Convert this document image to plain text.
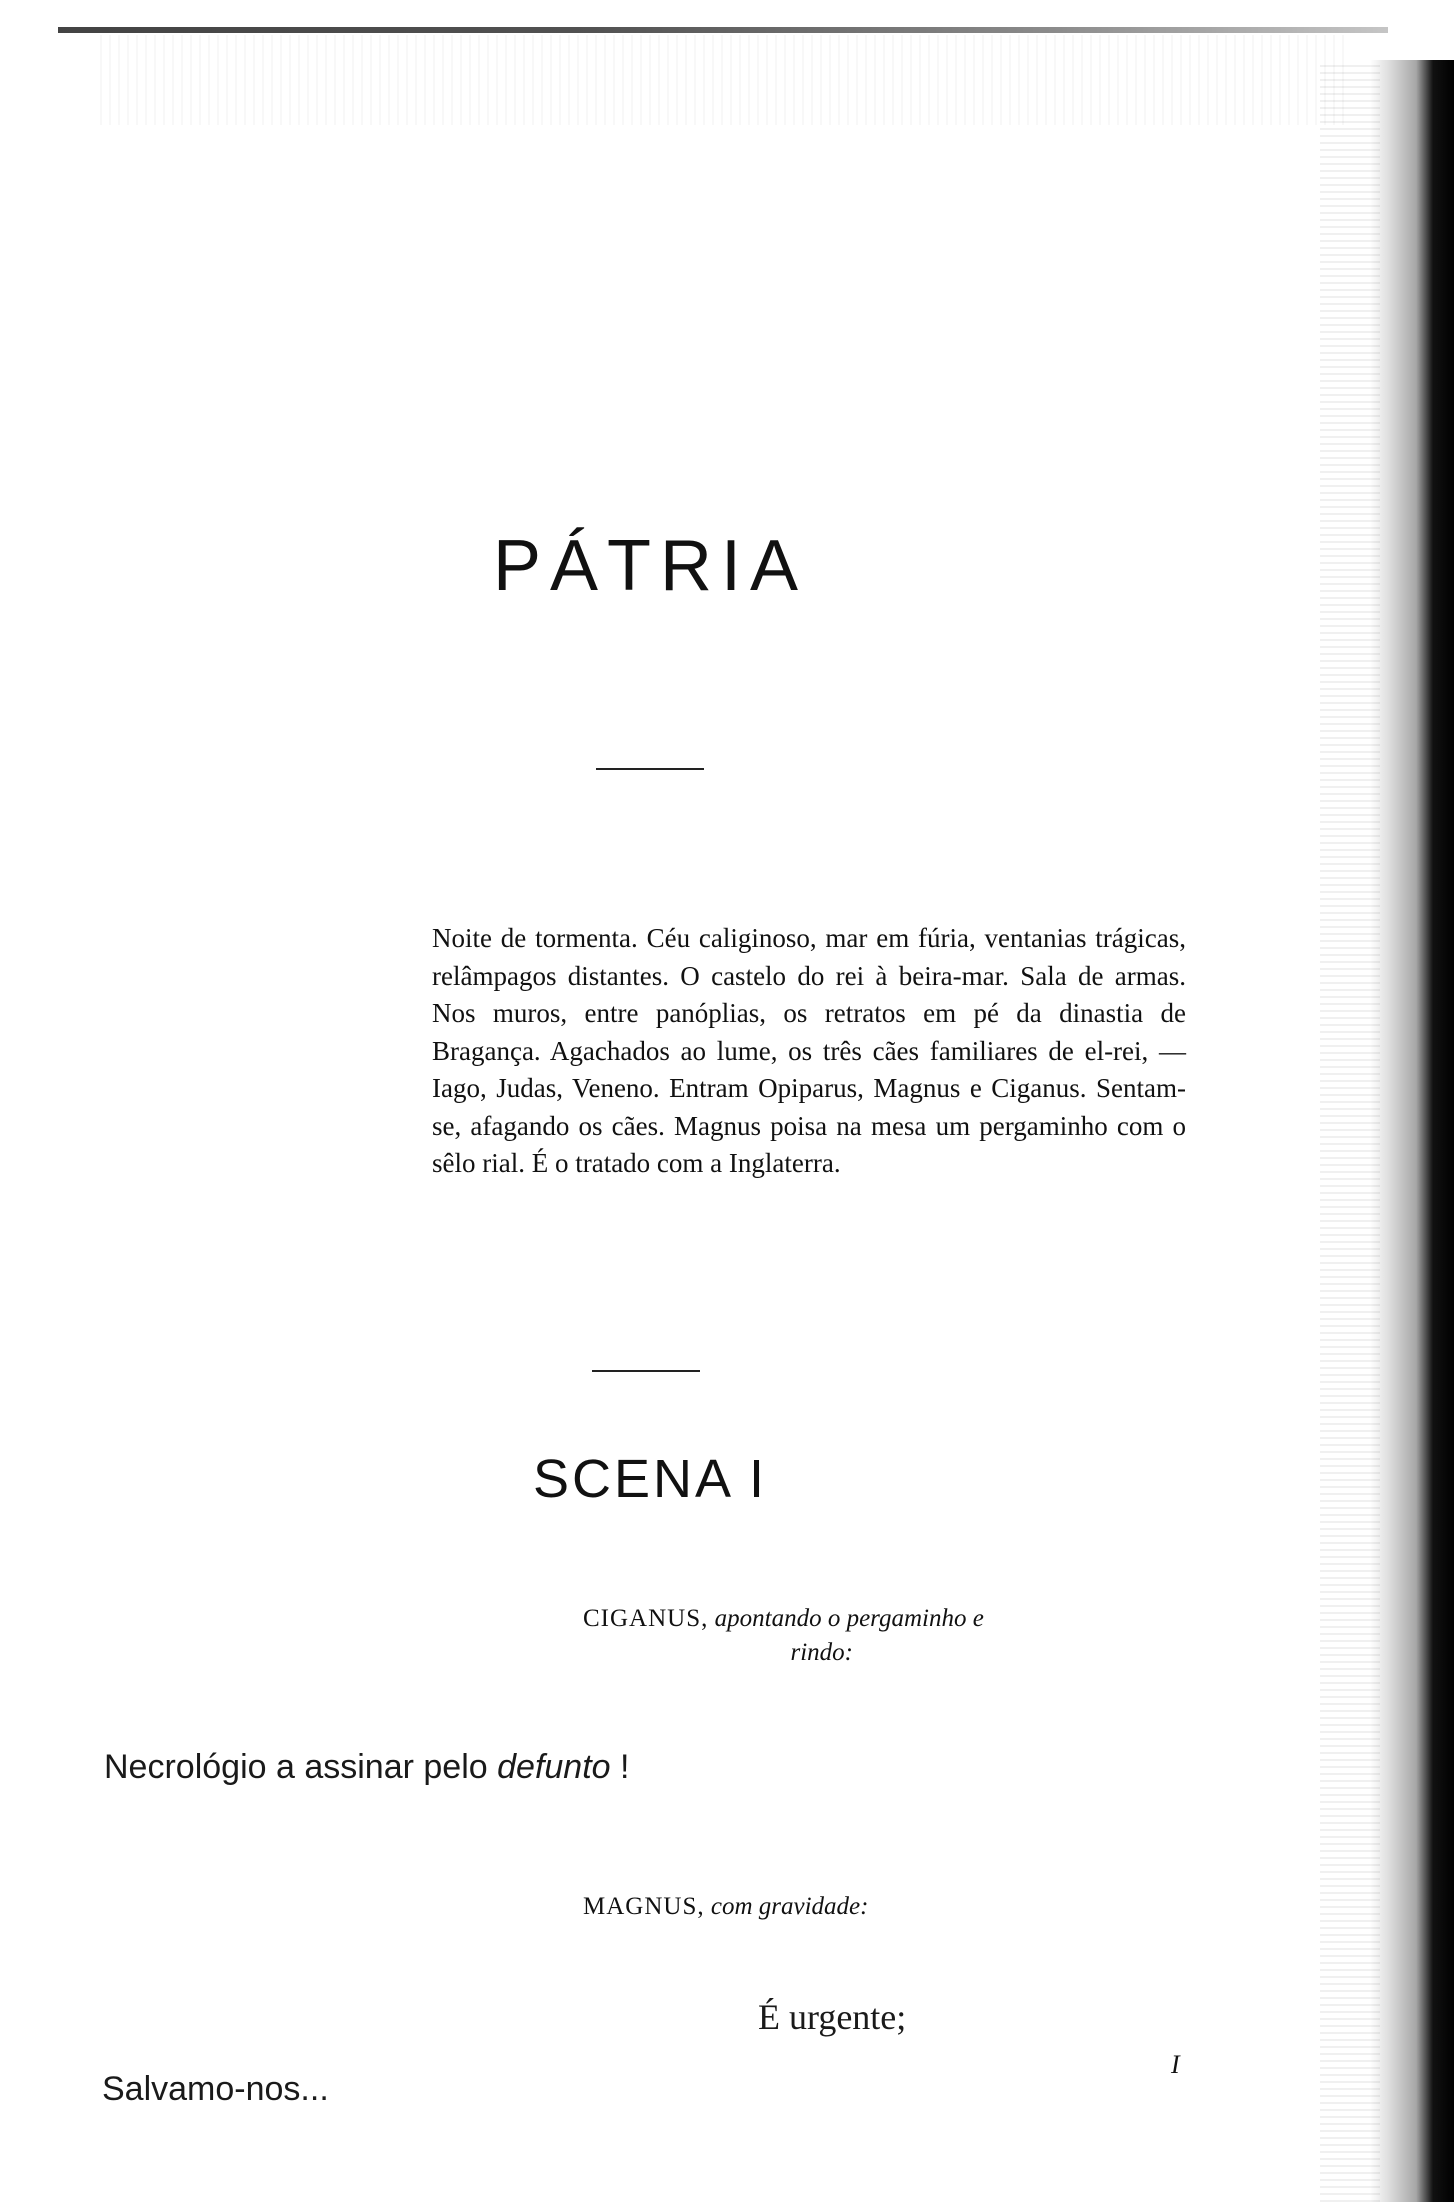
PÁTRIA

Noite de tormenta. Céu caliginoso, mar em fúria, ventanias trágicas, relâmpagos distantes. O castelo do rei à beira-mar. Sala de armas. Nos muros, entre panóplias, os retratos em pé da dinastia de Bragança. Agachados ao lume, os três cães familiares de el-rei, — Iago, Judas, Veneno. Entram Opiparus, Magnus e Ciganus. Sentam-se, afagando os cães. Magnus poisa na mesa um pergaminho com o sêlo rial. É o tratado com a Inglaterra.

SCENA I

CIGANUS, apontando o pergaminho e
rindo:

Necrológio a assinar pelo defunto !

MAGNUS, com gravidade:

É urgente;

Salvamo-nos...

I
